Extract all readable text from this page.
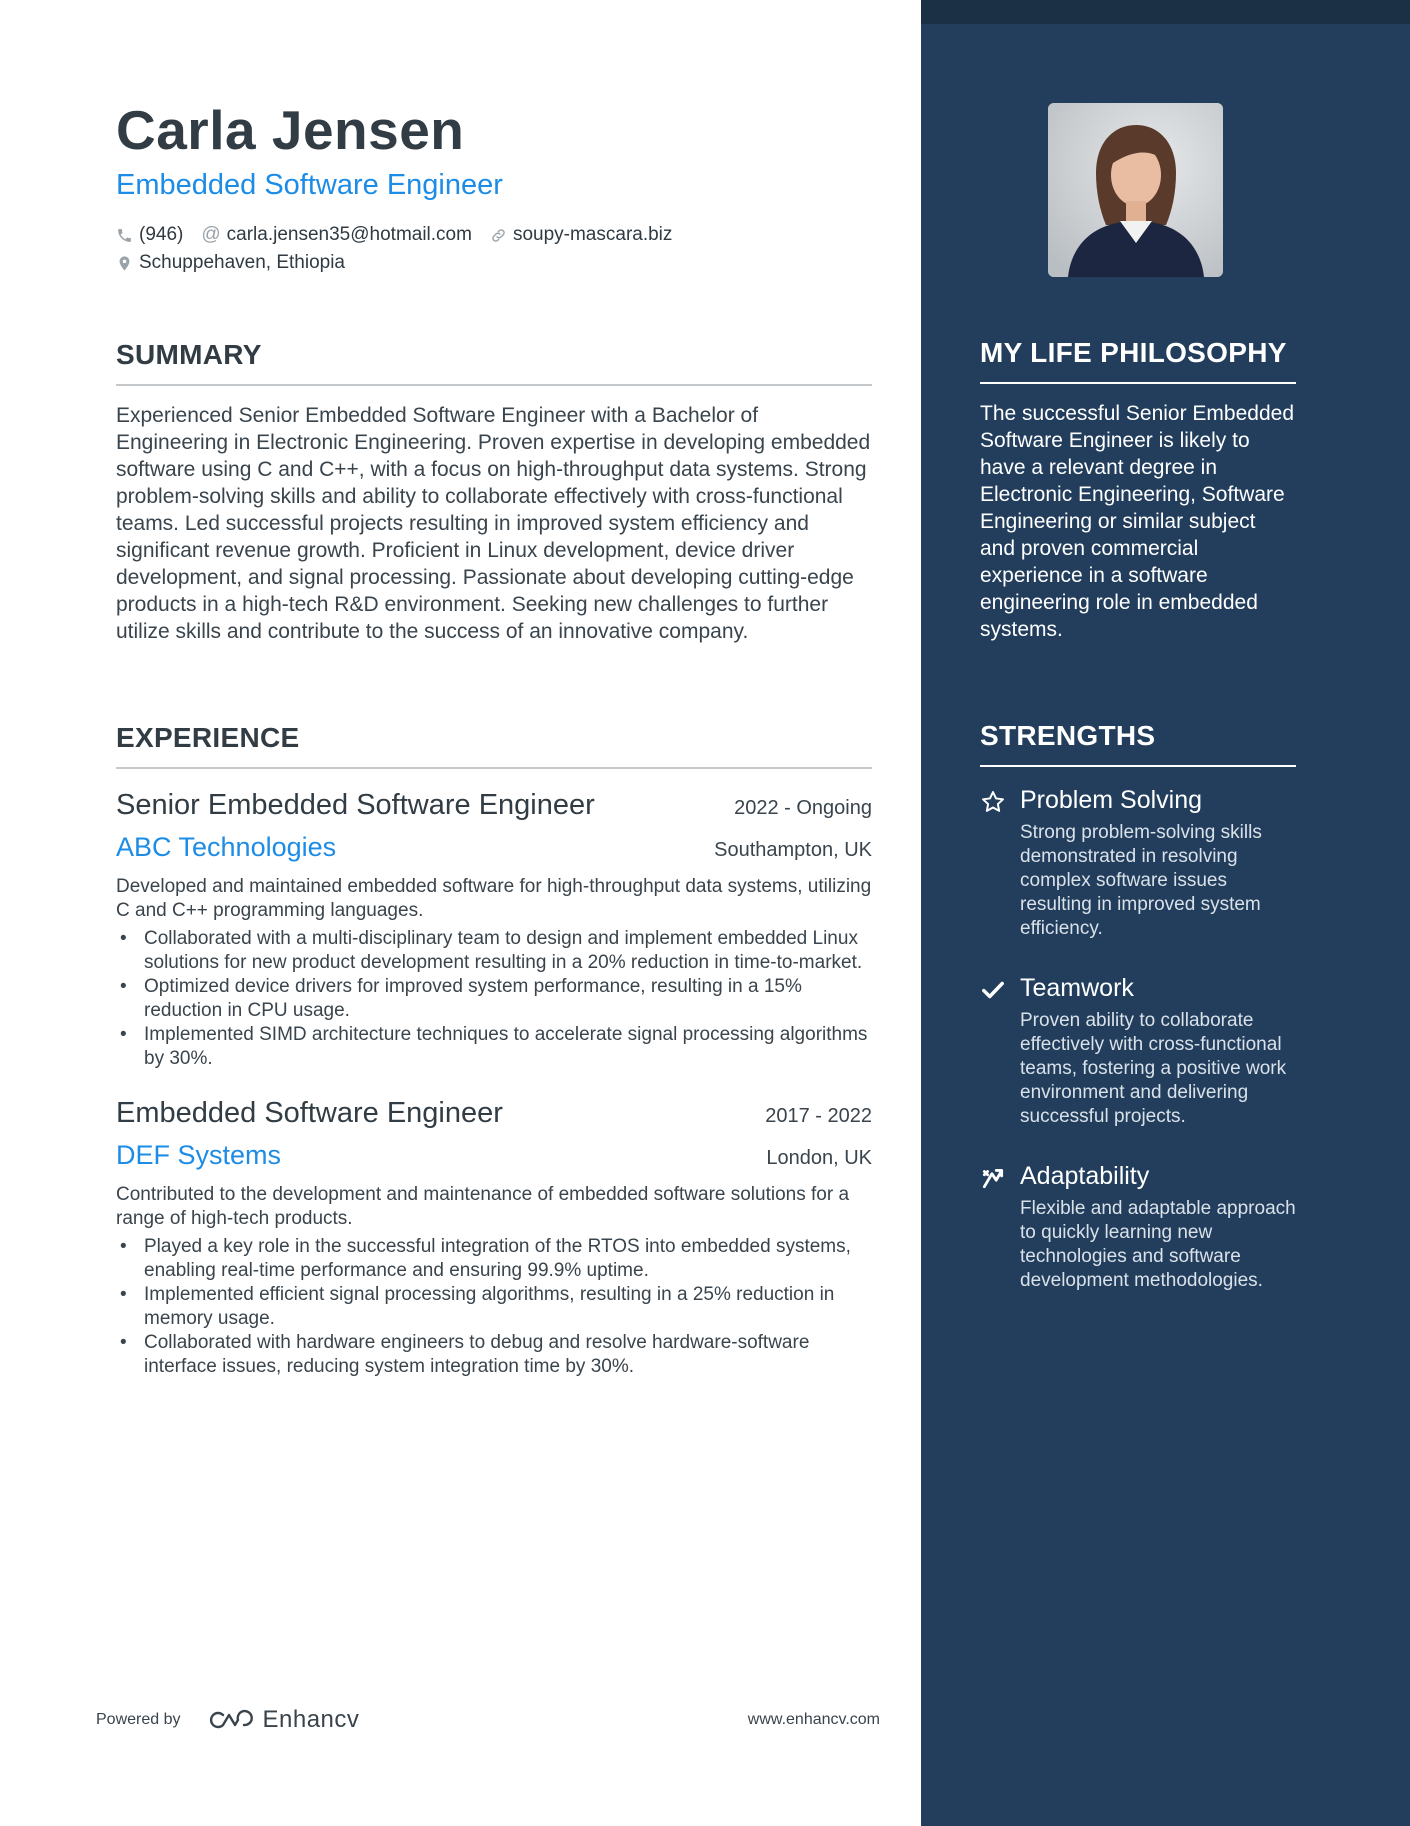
Carla Jensen
Embedded Software Engineer
(946) @ carla.jensen35@hotmail.com soupy-mascara.biz
Schuppehaven, Ethiopia
SUMMARY

Experienced Senior Embedded Software Engineer with a Bachelor of Engineering in Electronic Engineering. Proven expertise in developing embedded software using C and C++, with a focus on high-throughput data systems. Strong problem-solving skills and ability to collaborate effectively with cross-functional teams. Led successful projects resulting in improved system efficiency and significant revenue growth. Proficient in Linux development, device driver development, and signal processing. Passionate about developing cutting-edge products in a high-tech R&D environment. Seeking new challenges to further utilize skills and contribute to the success of an innovative company.

EXPERIENCE
Senior Embedded Software Engineer	2022 - Ongoing
ABC Technologies	Southampton, UK

Developed and maintained embedded software for high-throughput data systems, utilizing C and C++ programming languages.

• Collaborated with a multi-disciplinary team to design and implement embedded Linux solutions for new product development resulting in a 20% reduction in time-to-market.
• Optimized device drivers for improved system performance, resulting in a 15% reduction in CPU usage.
• Implemented SIMD architecture techniques to accelerate signal processing algorithms by 30%.
Embedded Software Engineer	2017 - 2022
DEF Systems	London, UK

Contributed to the development and maintenance of embedded software solutions for a range of high-tech products.

• Played a key role in the successful integration of the RTOS into embedded systems, enabling real-time performance and ensuring 99.9% uptime.
• Implemented efficient signal processing algorithms, resulting in a 25% reduction in memory usage.
• Collaborated with hardware engineers to debug and resolve hardware-software interface issues, reducing system integration time by 30%.
Powered by	Enhancv	www.enhancv.com
MY LIFE PHILOSOPHY

The successful Senior Embedded Software Engineer is likely to have a relevant degree in Electronic Engineering, Software Engineering or similar subject and proven commercial experience in a software engineering role in embedded systems.

STRENGTHS
Problem Solving
Strong problem-solving skills demonstrated in resolving complex software issues resulting in improved system efficiency.
Teamwork
Proven ability to collaborate effectively with cross-functional teams, fostering a positive work environment and delivering successful projects.
Adaptability
Flexible and adaptable approach to quickly learning new technologies and software development methodologies.
